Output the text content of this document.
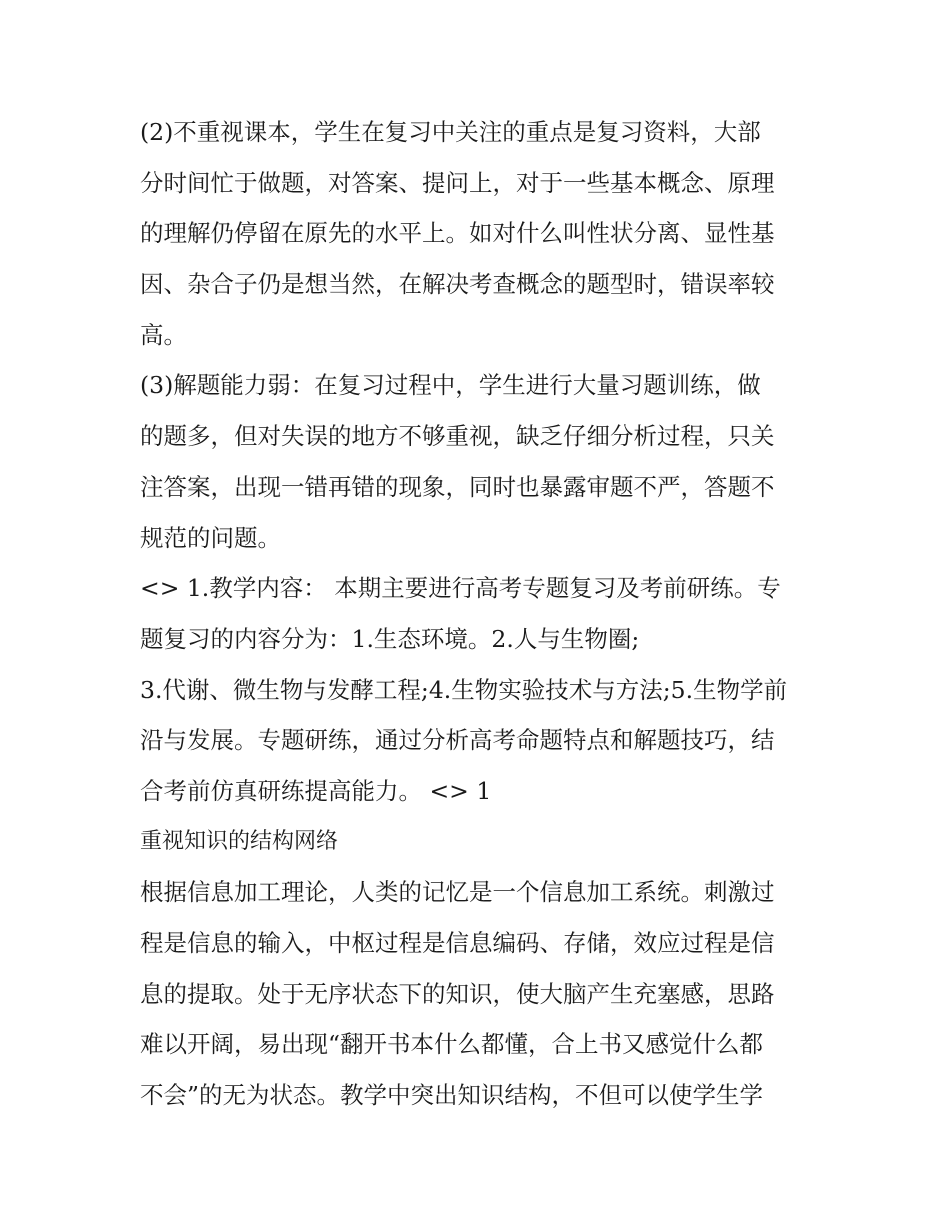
(2)不重视课本，学生在复习中关注的重点是复习资料，大部
分时间忙于做题，对答案、提问上，对于一些基本概念、原理
的理解仍停留在原先的水平上。如对什么叫性状分离、显性基
因、杂合子仍是想当然，在解决考查概念的题型时，错误率较
高。

(3)解题能力弱：在复习过程中，学生进行大量习题训练，做
的题多，但对失误的地方不够重视，缺乏仔细分析过程，只关
注答案，出现一错再错的现象，同时也暴露审题不严，答题不
规范的问题。

<> 1.教学内容： 本期主要进行高考专题复习及考前研练。专
题复习的内容分为：1.生态环境。2.人与生物圈;

3.代谢、微生物与发酵工程;4.生物实验技术与方法;5.生物学前
沿与发展。专题研练，通过分析高考命题特点和解题技巧，结
合考前仿真研练提高能力。 <> 1

重视知识的结构网络

根据信息加工理论，人类的记忆是一个信息加工系统。刺激过
程是信息的输入，中枢过程是信息编码、存储，效应过程是信
息的提取。处于无序状态下的知识，使大脑产生充塞感，思路
难以开阔，易出现“翻开书本什么都懂，合上书又感觉什么都
不会”的无为状态。教学中突出知识结构，不但可以使学生学
